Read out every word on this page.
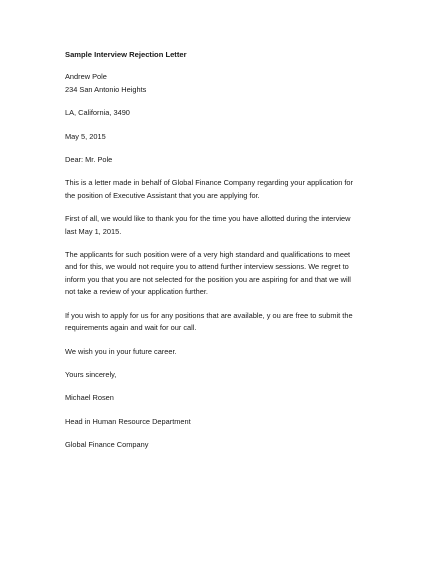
Sample Interview Rejection Letter
Andrew Pole
234 San Antonio Heights
LA, California, 3490
May 5, 2015
Dear: Mr. Pole
This is a letter made in behalf of Global Finance Company regarding your application for
the position of Executive Assistant that you are applying for.
First of all, we would like to thank you for the time you have allotted during the interview
last May 1, 2015.
The applicants for such position were of a very high standard and qualifications to meet
and for this, we would not require you to attend further interview sessions. We regret to
inform you that you are not selected for the position you are aspiring for and that we will
not take a review of your application further.
If you wish to apply for us for any positions that are available, y ou are free to submit the
requirements again and wait for our call.
We wish you in your future career.
Yours sincerely,
Michael Rosen
Head in Human Resource Department
Global Finance Company
